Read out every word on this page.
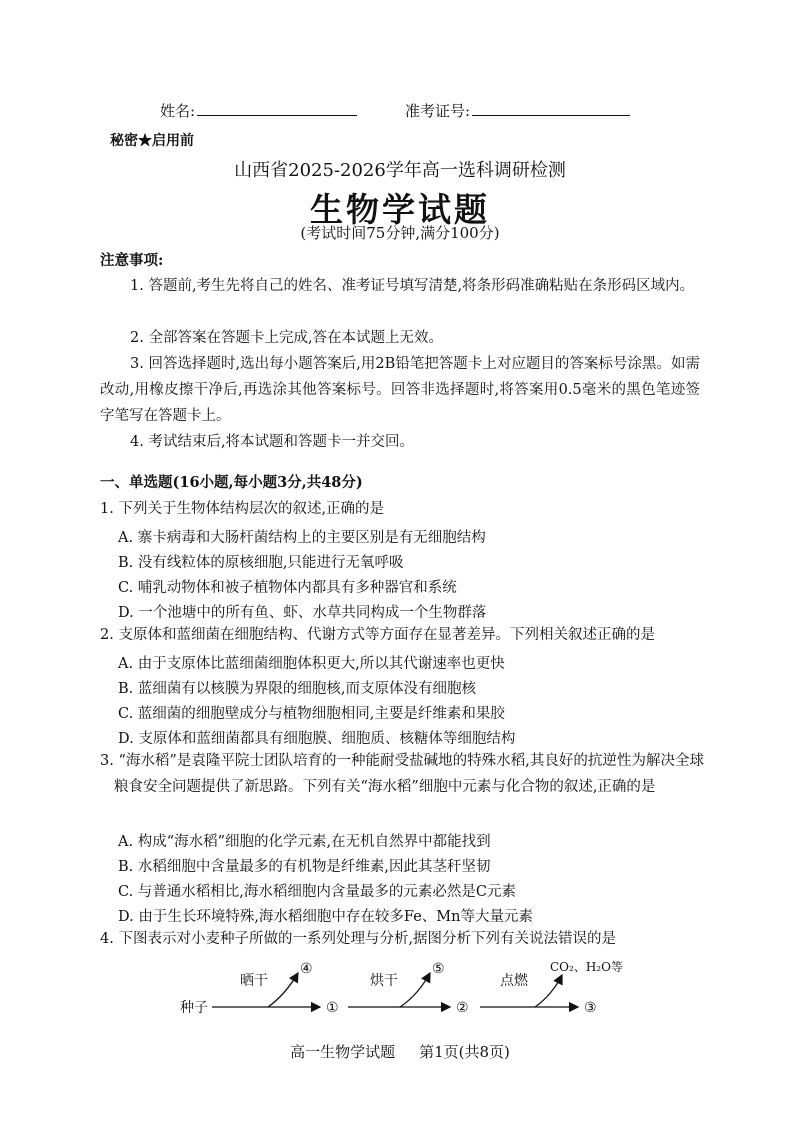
姓名:	准考证号:
秘密★启用前
山西省2025-2026学年高一选科调研检测
生物学试题
(考试时间75分钟,满分100分)
注意事项:
1. 答题前,考生先将自己的姓名、准考证号填写清楚,将条形码准确粘贴在条形码区域内。
2. 全部答案在答题卡上完成,答在本试题上无效。
3. 回答选择题时,选出每小题答案后,用2B铅笔把答题卡上对应题目的答案标号涂黑。如需改动,用橡皮擦干净后,再选涂其他答案标号。回答非选择题时,将答案用0.5毫米的黑色笔迹签字笔写在答题卡上。
4. 考试结束后,将本试题和答题卡一并交回。
一、单选题(16小题,每小题3分,共48分)
1. 下列关于生物体结构层次的叙述,正确的是
A. 寨卡病毒和大肠杆菌结构上的主要区别是有无细胞结构
B. 没有线粒体的原核细胞,只能进行无氧呼吸
C. 哺乳动物体和被子植物体内都具有多种器官和系统
D. 一个池塘中的所有鱼、虾、水草共同构成一个生物群落
2. 支原体和蓝细菌在细胞结构、代谢方式等方面存在显著差异。下列相关叙述正确的是
A. 由于支原体比蓝细菌细胞体积更大,所以其代谢速率也更快
B. 蓝细菌有以核膜为界限的细胞核,而支原体没有细胞核
C. 蓝细菌的细胞壁成分与植物细胞相同,主要是纤维素和果胶
D. 支原体和蓝细菌都具有细胞膜、细胞质、核糖体等细胞结构
3. “海水稻”是袁隆平院士团队培育的一种能耐受盐碱地的特殊水稻,其良好的抗逆性为解决全球粮食安全问题提供了新思路。下列有关“海水稻”细胞中元素与化合物的叙述,正确的是
A. 构成“海水稻”细胞的化学元素,在无机自然界中都能找到
B. 水稻细胞中含量最多的有机物是纤维素,因此其茎秆坚韧
C. 与普通水稻相比,海水稻细胞内含量最多的元素必然是C元素
D. 由于生长环境特殊,海水稻细胞中存在较多Fe、Mn等大量元素
4. 下图表示对小麦种子所做的一系列处理与分析,据图分析下列有关说法错误的是
种子
晒干
④
①
烘干
⑤
②
点燃
CO₂、H₂O等
③
高一生物学试题 第1页(共8页)
